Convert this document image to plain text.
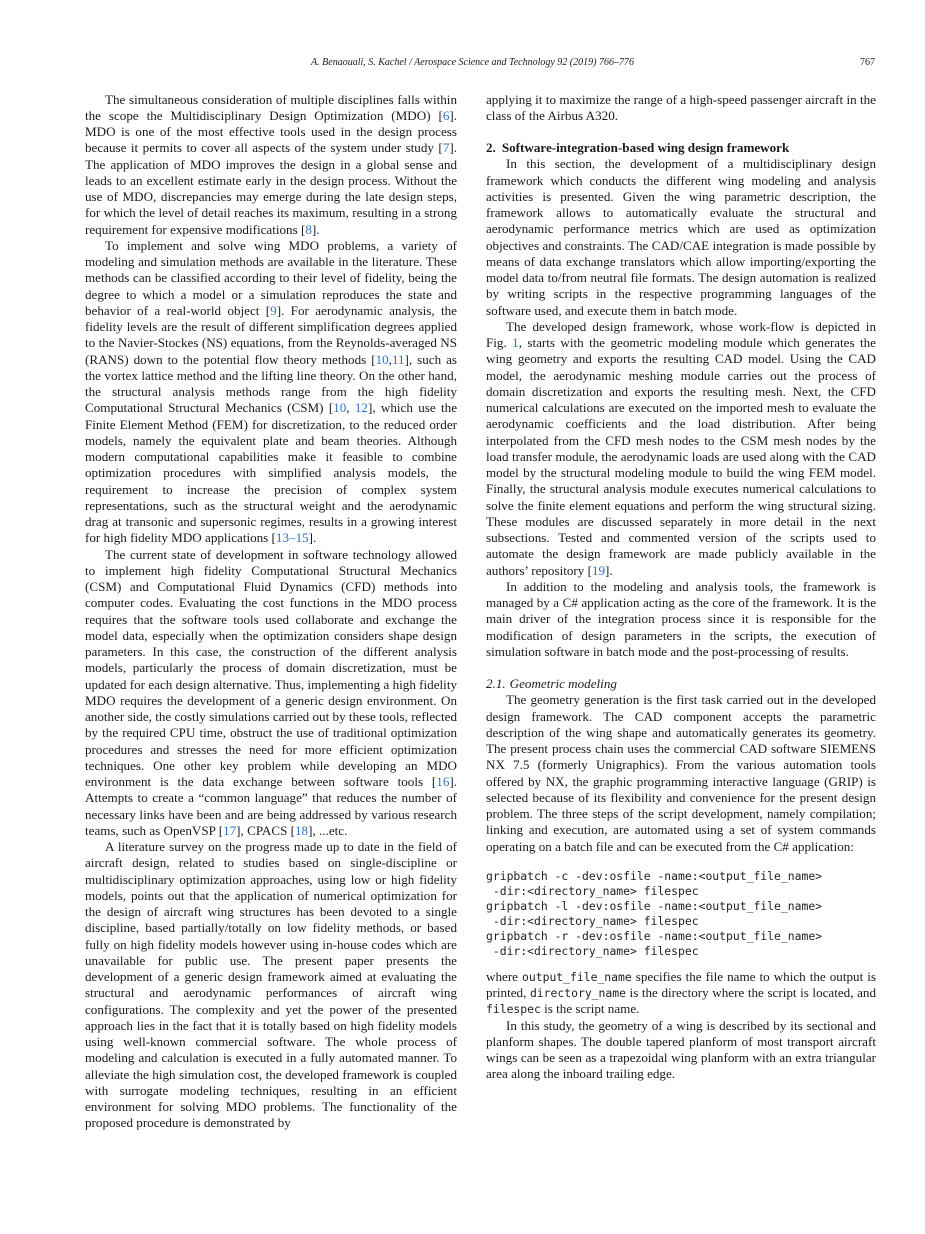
A. Benaouali, S. Kachel / Aerospace Science and Technology 92 (2019) 766–776	767

The simultaneous consideration of multiple disciplines falls within the scope the Multidisciplinary Design Optimization (MDO) [6]. MDO is one of the most effective tools used in the design process because it permits to cover all aspects of the system under study [7]. The application of MDO improves the design in a global sense and leads to an excellent estimate early in the design process. Without the use of MDO, discrepancies may emerge during the late design steps, for which the level of detail reaches its maximum, resulting in a strong requirement for expensive modifications [8].

To implement and solve wing MDO problems, a variety of modeling and simulation methods are available in the literature. These methods can be classified according to their level of fidelity, being the degree to which a model or a simulation reproduces the state and behavior of a real-world object [9]. For aerodynamic analysis, the fidelity levels are the result of different simplification degrees applied to the Navier-Stockes (NS) equations, from the Reynolds-averaged NS (RANS) down to the potential flow theory methods [10,11], such as the vortex lattice method and the lifting line theory. On the other hand, the structural analysis methods range from the high fidelity Computational Structural Mechanics (CSM) [10, 12], which use the Finite Element Method (FEM) for discretization, to the reduced order models, namely the equivalent plate and beam theories. Although modern computational capabilities make it feasible to combine optimization procedures with simplified analysis models, the requirement to increase the precision of complex system representations, such as the structural weight and the aerodynamic drag at transonic and supersonic regimes, results in a growing interest for high fidelity MDO applications [13–15].

The current state of development in software technology allowed to implement high fidelity Computational Structural Mechanics (CSM) and Computational Fluid Dynamics (CFD) methods into computer codes. Evaluating the cost functions in the MDO process requires that the software tools used collaborate and exchange the model data, especially when the optimization considers shape design parameters. In this case, the construction of the different analysis models, particularly the process of domain discretization, must be updated for each design alternative. Thus, implementing a high fidelity MDO requires the development of a generic design environment. On another side, the costly simulations carried out by these tools, reflected by the required CPU time, obstruct the use of traditional optimization procedures and stresses the need for more efficient optimization techniques. One other key problem while developing an MDO environment is the data exchange between software tools [16]. Attempts to create a “common language” that reduces the number of necessary links have been and are being addressed by various research teams, such as OpenVSP [17], CPACS [18], ...etc.

A literature survey on the progress made up to date in the field of aircraft design, related to studies based on single-discipline or multidisciplinary optimization approaches, using low or high fidelity models, points out that the application of numerical optimization for the design of aircraft wing structures has been devoted to a single discipline, based partially/totally on low fidelity methods, or based fully on high fidelity models however using in-house codes which are unavailable for public use. The present paper presents the development of a generic design framework aimed at evaluating the structural and aerodynamic performances of aircraft wing configurations. The complexity and yet the power of the presented approach lies in the fact that it is totally based on high fidelity models using well-known commercial software. The whole process of modeling and calculation is executed in a fully automated manner. To alleviate the high simulation cost, the developed framework is coupled with surrogate modeling techniques, resulting in an efficient environment for solving MDO problems. The functionality of the proposed procedure is demonstrated by

applying it to maximize the range of a high-speed passenger aircraft in the class of the Airbus A320.

2. Software-integration-based wing design framework

In this section, the development of a multidisciplinary design framework which conducts the different wing modeling and analysis activities is presented. Given the wing parametric description, the framework allows to automatically evaluate the structural and aerodynamic performance metrics which are used as optimization objectives and constraints. The CAD/CAE integration is made possible by means of data exchange translators which allow importing/exporting the model data to/from neutral file formats. The design automation is realized by writing scripts in the respective programming languages of the software used, and execute them in batch mode.

The developed design framework, whose work-flow is depicted in Fig. 1, starts with the geometric modeling module which generates the wing geometry and exports the resulting CAD model. Using the CAD model, the aerodynamic meshing module carries out the process of domain discretization and exports the resulting mesh. Next, the CFD numerical calculations are executed on the imported mesh to evaluate the aerodynamic coefficients and the load distribution. After being interpolated from the CFD mesh nodes to the CSM mesh nodes by the load transfer module, the aerodynamic loads are used along with the CAD model by the structural modeling module to build the wing FEM model. Finally, the structural analysis module executes numerical calculations to solve the finite element equations and perform the wing structural sizing. These modules are discussed separately in more detail in the next subsections. Tested and commented version of the scripts used to automate the design framework are made publicly available in the authors’ repository [19].

In addition to the modeling and analysis tools, the framework is managed by a C# application acting as the core of the framework. It is the main driver of the integration process since it is responsible for the modification of design parameters in the scripts, the execution of simulation software in batch mode and the post-processing of results.

2.1. Geometric modeling

The geometry generation is the first task carried out in the developed design framework. The CAD component accepts the parametric description of the wing shape and automatically generates its geometry. The present process chain uses the commercial CAD software SIEMENS NX 7.5 (formerly Unigraphics). From the various automation tools offered by NX, the graphic programming interactive language (GRIP) is selected because of its flexibility and convenience for the present design problem. The three steps of the script development, namely compilation; linking and execution, are automated using a set of system commands operating on a batch file and can be executed from the C# application:

gripbatch -c -dev:osfile -name:<output_file_name>
-dir:<directory_name> filespec
gripbatch -l -dev:osfile -name:<output_file_name>
-dir:<directory_name> filespec
gripbatch -r -dev:osfile -name:<output_file_name>
-dir:<directory_name> filespec

where output_file_name specifies the file name to which the output is printed, directory_name is the directory where the script is located, and filespec is the script name.

In this study, the geometry of a wing is described by its sectional and planform shapes. The double tapered planform of most transport aircraft wings can be seen as a trapezoidal wing planform with an extra triangular area along the inboard trailing edge.
